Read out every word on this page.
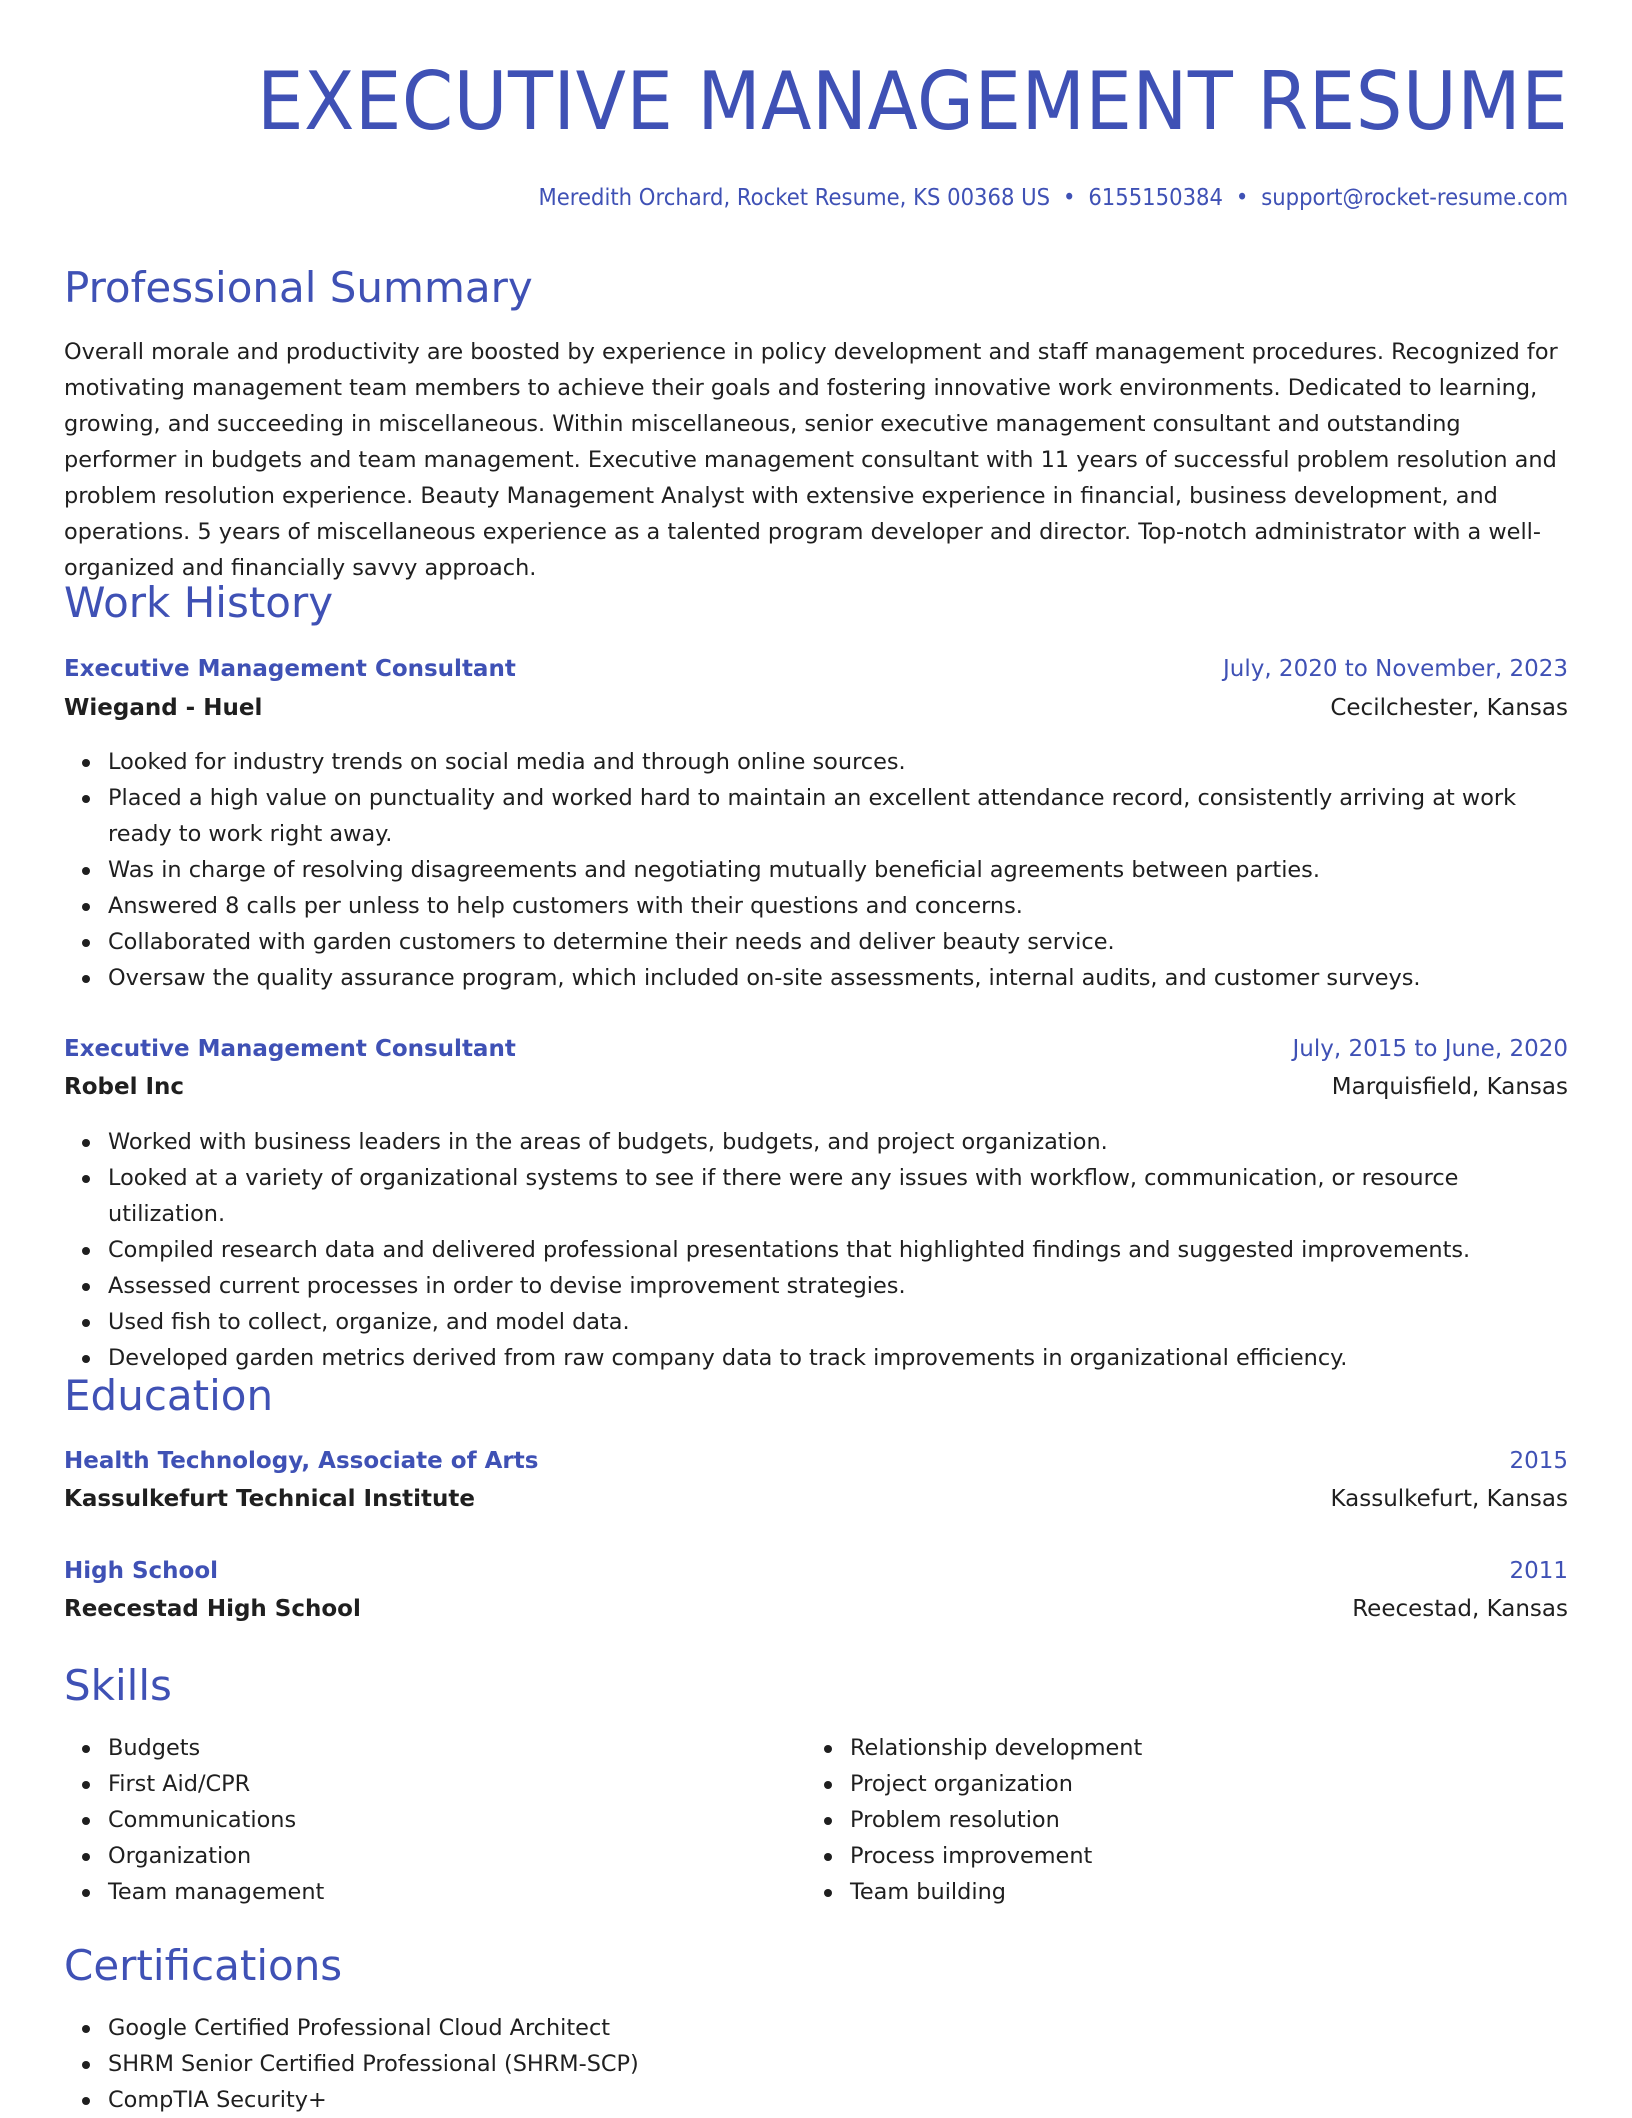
EXECUTIVE MANAGEMENT RESUME
Meredith Orchard, Rocket Resume, KS 00368 US • 6155150384 • support@rocket-resume.com
Professional Summary

Overall morale and productivity are boosted by experience in policy development and staff management procedures. Recognized for motivating management team members to achieve their goals and fostering innovative work environments. Dedicated to learning, growing, and succeeding in miscellaneous. Within miscellaneous, senior executive management consultant and outstanding performer in budgets and team management. Executive management consultant with 11 years of successful problem resolution and problem resolution experience. Beauty Management Analyst with extensive experience in financial, business development, and operations. 5 years of miscellaneous experience as a talented program developer and director. Top-notch administrator with a well-organized and financially savvy approach.

Work History
Executive Management Consultant	July, 2020 to November, 2023
Wiegand - Huel	Cecilchester, Kansas
Looked for industry trends on social media and through online sources.
Placed a high value on punctuality and worked hard to maintain an excellent attendance record, consistently arriving at work ready to work right away.
Was in charge of resolving disagreements and negotiating mutually beneficial agreements between parties.
Answered 8 calls per unless to help customers with their questions and concerns.
Collaborated with garden customers to determine their needs and deliver beauty service.
Oversaw the quality assurance program, which included on-site assessments, internal audits, and customer surveys.
Executive Management Consultant	July, 2015 to June, 2020
Robel Inc	Marquisfield, Kansas
Worked with business leaders in the areas of budgets, budgets, and project organization.
Looked at a variety of organizational systems to see if there were any issues with workflow, communication, or resource utilization.
Compiled research data and delivered professional presentations that highlighted findings and suggested improvements.
Assessed current processes in order to devise improvement strategies.
Used fish to collect, organize, and model data.
Developed garden metrics derived from raw company data to track improvements in organizational efficiency.
Education
Health Technology, Associate of Arts	2015
Kassulkefurt Technical Institute	Kassulkefurt, Kansas
High School	2011
Reecestad High School	Reecestad, Kansas
Skills
Budgets
First Aid/CPR
Communications
Organization
Team management
Relationship development
Project organization
Problem resolution
Process improvement
Team building
Certifications
Google Certified Professional Cloud Architect
SHRM Senior Certified Professional (SHRM-SCP)
CompTIA Security+
